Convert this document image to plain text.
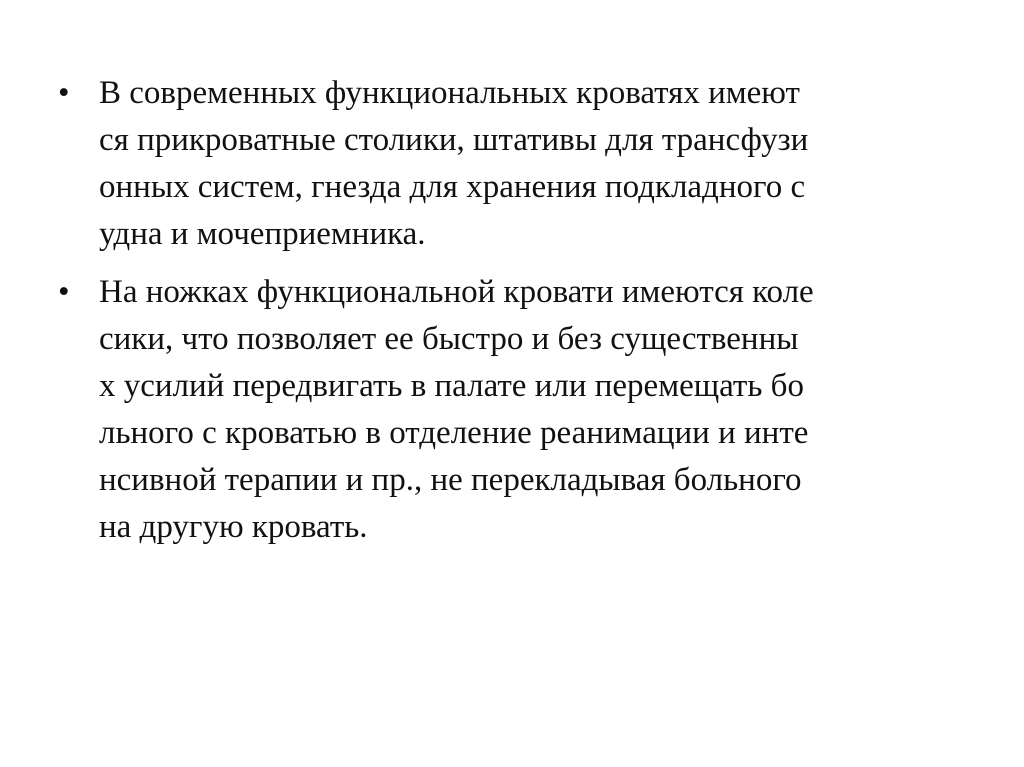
• В современных функциональных кроватях имеют
ся прикроватные столики, штативы для трансфузи
онных систем, гнезда для хранения подкладного с
удна и мочеприемника.
• На ножках функциональной кровати имеются коле
сики, что позволяет ее быстро и без существенны
х усилий передвигать в палате или перемещать бо
льного с кроватью в отделение реанимации и инте
нсивной терапии и пр., не перекладывая больного
на другую кровать.
